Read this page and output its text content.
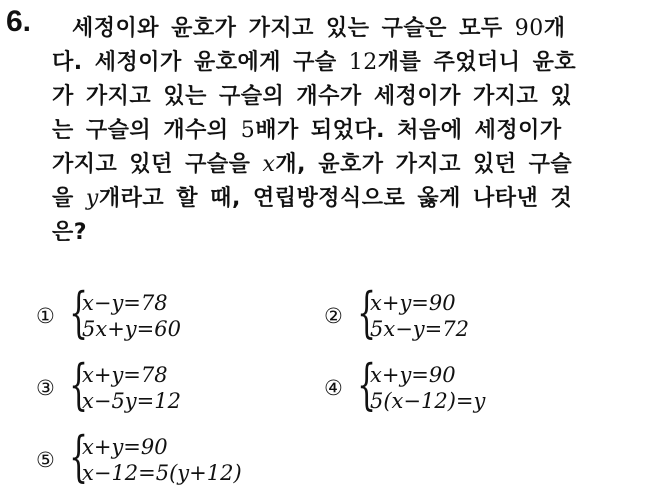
6.	세정이와 윤호가 가지고 있는 구슬은 모두 90개
다. 세정이가 윤호에게 구슬 12개를 주었더니 윤호
가 가지고 있는 구슬의 개수가 세정이가 가지고 있
는 구슬의 개수의 5배가 되었다. 처음에 세정이가
가지고 있던 구슬을 x개, 윤호가 가지고 있던 구슬
을 y개라고 할 때, 연립방정식으로 옳게 나타낸 것
은?
① {
x−y=78
5x+y=60
② {
x+y=90
5x−y=72
③ {
x+y=78
x−5y=12
④ {
x+y=90
5(x−12)=y
⑤ {
x+y=90
x−12=5(y+12)
